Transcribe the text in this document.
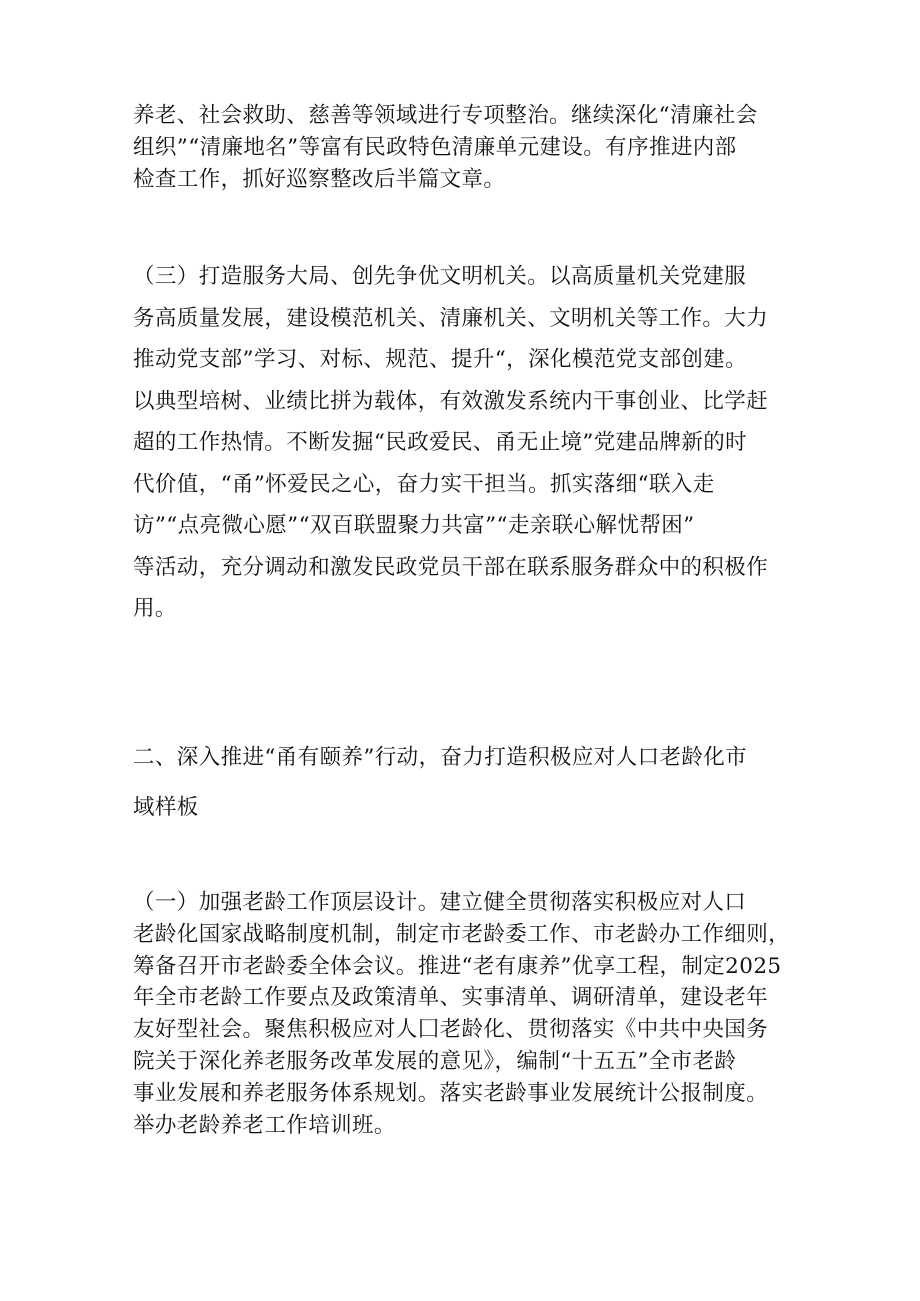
养老、社会救助、慈善等领域进行专项整治。继续深化“清廉社会
组织”“清廉地名”等富有民政特色清廉单元建设。有序推进内部
检查工作，抓好巡察整改后半篇文章。

（三）打造服务大局、创先争优文明机关。以高质量机关党建服
务高质量发展，建设模范机关、清廉机关、文明机关等工作。大力
推动党支部”学习、对标、规范、提升“，深化模范党支部创建。
以典型培树、业绩比拼为载体，有效激发系统内干事创业、比学赶
超的工作热情。不断发掘“民政爱民、甬无止境”党建品牌新的时
代价值，“甬”怀爱民之心，奋力实干担当。抓实落细“联入走
访”“点亮微心愿”“双百联盟聚力共富”“走亲联心解忧帮困”
等活动，充分调动和激发民政党员干部在联系服务群众中的积极作
用。

二、深入推进“甬有颐养”行动，奋力打造积极应对人口老龄化市
域样板

（一）加强老龄工作顶层设计。建立健全贯彻落实积极应对人口
老龄化国家战略制度机制，制定市老龄委工作、市老龄办工作细则，
筹备召开市老龄委全体会议。推进“老有康养”优享工程，制定2025
年全市老龄工作要点及政策清单、实事清单、调研清单，建设老年
友好型社会。聚焦积极应对人囗老龄化、贯彻落实《中共中央国务
院关于深化养老服务改革发展的意见》，编制“十五五”全市老龄
事业发展和养老服务体系规划。落实老龄事业发展统计公报制度。
举办老龄养老工作培训班。
